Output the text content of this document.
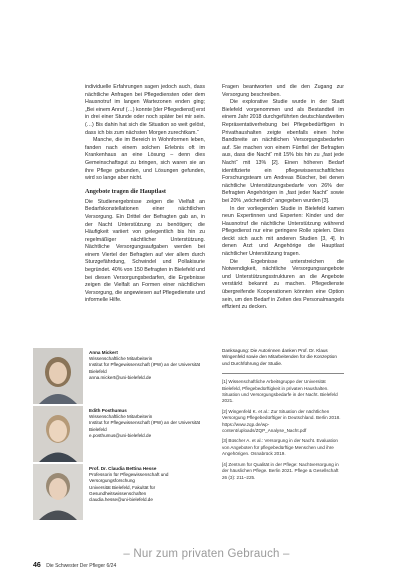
individuelle Erfahrungen sagen jedoch auch, dass nächtliche Anfragen bei Pflegediensten oder dem Hausnotruf im langen Wartezonen enden ging; „Bei einem Anruf (…) konnte [der Pflegedienst] erst in drei einer Stunde oder noch später bei mir sein. (…) Bis dahin hat sich die Situation so weit gelöst, dass ich bis zum nächsten Morgen zurechtkam.“

Manche, die im Bereich in Wohnformen leben, fanden nach einem solchen Erlebnis oft im Krankenhaus an eine Lösung – denn dies Gemeinschaftsgut zu bringen, sich waren sie an ihre Pflege gebunden, und Lösungen gefunden, wird so lange aber nicht.

Angebote tragen die Hauptlast

Die Studienergebnisse zeigen die Vielfalt an Bedarfskonstellationen einer nächtlichen Versorgung. Ein Drittel der Befragten gab an, in der Nacht Unterstützung zu benötigen; die Häufigkeit variiert von gelegentlich bis hin zu regelmäßiger nächtlicher Unterstützung. Nächtliche Versorgungsaufgaben werden bei einem Viertel der Befragten auf vier allem durch Sturzgefährdung, Schwindel und Pollakisurie begründet. 40% von 150 Befragten in Bielefeld und bei diesen Versorgungsbedarfen, die Ergebnisse zeigen die Vielfalt an Formen einer nächtlichen Versorgung, die angewiesen auf Pflegedienste und informelle Hilfe.

Fragen beantworten und die den Zugang zur Versorgung beschreiben.

Die explorative Studie wurde in der Stadt Bielefeld vorgenommen und als Bestandteil im einem Jahr 2018 durchgeführten deutschlandweiten Repräsentativerhebung bei Pflegebedürftigen in Privathaushalten zeigte ebenfalls einen hohe Bandbreite an nächtlichen Versorgungsbedarfen auf. Sie machen von einem Fünftel der Befragten aus, dass die Nacht“ mit 15% bis hin zu „fast jede Nacht“ mit 13% [2]. Einen höheren Bedarf identifizierte ein pflegewissenschaftliches Forschungsteam um Andreas Büscher, bei denen nächtliche Unterstützungsbedarfe von 26% der Befragten Angehörigen in „fast jeder Nacht“ sowie bei 20% „wöchentlich“ angegeben wurden [3].

In der vorliegenden Studie in Bielefeld kamen neun Expertinnen und Experten: Kinder und der Hausnotruf die nächtliche Unterstützung während Pflegedienst nur eine geringere Rolle spielen. Dies deckt sich auch mit anderen Studien [3, 4]. In denen Arzt und Angehörige die Hauptlast nächtlicher Unterstützung tragen.

Die Ergebnisse unterstreichen die Notwendigkeit, nächtliche Versorgungsangebote und Unterstützungsstrukturen an die Angebote verstärkt bekannt zu machen. Pflegedienste übergreifende Kooperationen könnten eine Option sein, um den Bedarf in Zeiten des Personalmangels effizient zu decken.

Anna Mickert
Wissenschaftliche Mitarbeiterin
Institut für Pflegewissenschaft (IPW) an der Universität Bielefeld
anna.mickert@uni-bielefeld.de
Edith Posthumus
Wissenschaftliche Mitarbeiterin
Institut für Pflegewissenschaft (IPW) an der Universität Bielefeld
e.posthumus@uni-bielefeld.de
Prof. Dr. Claudia Bettina Hesse
Professorin für Pflegewissenschaft und Versorgungsforschung
Universität Bielefeld, Fakultät für Gesundheitswissenschaften
claudia.hesse@uni-bielefeld.de

Danksagung: Die Autorinnen danken Prof. Dr. Klaus Wingenfeld sowie den Mitarbeitenden für die Konzeption und Durchführung der Studie.

[1] Wissenschaftliche Arbeitsgruppe der Universität Bielefeld, Pflegebedürftigkeit in privaten Haushalten. Situation und Versorgungsbedarfe in der Nacht. Bielefeld 2021.

[2] Wingenfeld K. et al.: Zur Situation der nächtlichen Versorgung Pflegebedürftiger in Deutschland. Berlin 2018. https://www.zqp.de/wp-content/uploads/ZQP_Analyse_Nacht.pdf

[3] Büscher A. et al.: Versorgung in der Nacht. Evaluation von Angeboten für pflegebedürftige Menschen und ihre Angehörigen. Osnabrück 2019.

[4] Zentrum für Qualität in der Pflege: Nachtversorgung in der häuslichen Pflege. Berlin 2021. Pflege & Gesellschaft 26 (3): 211–225.

– Nur zum privaten Gebrauch –
46 Die Schwester Der Pfleger 6/24
